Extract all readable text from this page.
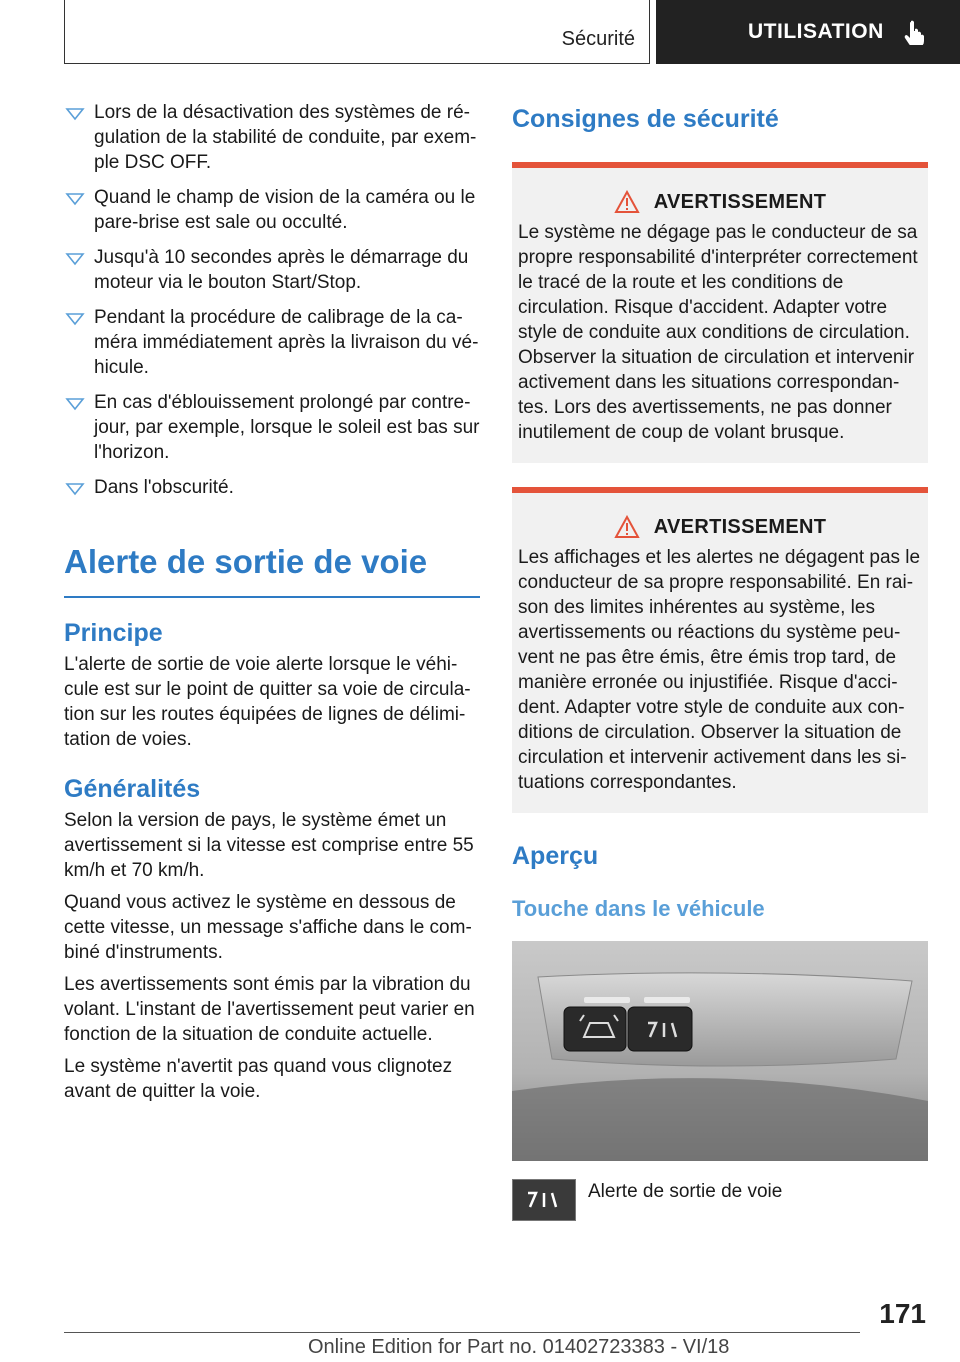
Sécurité	UTILISATION
Lors de la désactivation des systèmes de régulation de la stabilité de conduite, par exemple DSC OFF.
Quand le champ de vision de la caméra ou le pare-brise est sale ou occulté.
Jusqu'à 10 secondes après le démarrage du moteur via le bouton Start/Stop.
Pendant la procédure de calibrage de la caméra immédiatement après la livraison du véhicule.
En cas d'éblouissement prolongé par contrejour, par exemple, lorsque le soleil est bas sur l'horizon.
Dans l'obscurité.
Alerte de sortie de voie
Principe

L'alerte de sortie de voie alerte lorsque le véhicule est sur le point de quitter sa voie de circulation sur les routes équipées de lignes de délimitation de voies.

Généralités

Selon la version de pays, le système émet un avertissement si la vitesse est comprise entre 55 km/h et 70 km/h.

Quand vous activez le système en dessous de cette vitesse, un message s'affiche dans le combiné d'instruments.

Les avertissements sont émis par la vibration du volant. L'instant de l'avertissement peut varier en fonction de la situation de conduite actuelle.

Le système n'avertit pas quand vous clignotez avant de quitter la voie.

Consignes de sécurité
AVERTISSEMENT
Le système ne dégage pas le conducteur de sa propre responsabilité d'interpréter correctement le tracé de la route et les conditions de circulation. Risque d'accident. Adapter votre style de conduite aux conditions de circulation. Observer la situation de circulation et intervenir activement dans les situations correspondantes. Lors des avertissements, ne pas donner inutilement de coup de volant brusque.
AVERTISSEMENT
Les affichages et les alertes ne dégagent pas le conducteur de sa propre responsabilité. En raison des limites inhérentes au système, les avertissements ou réactions du système peuvent ne pas être émis, être émis trop tard, de manière erronée ou injustifiée. Risque d'accident. Adapter votre style de conduite aux conditions de circulation. Observer la situation de circulation et intervenir activement dans les situations correspondantes.
Aperçu
Touche dans le véhicule
Alerte de sortie de voie
171
Online Edition for Part no. 01402723383 - VI/18
